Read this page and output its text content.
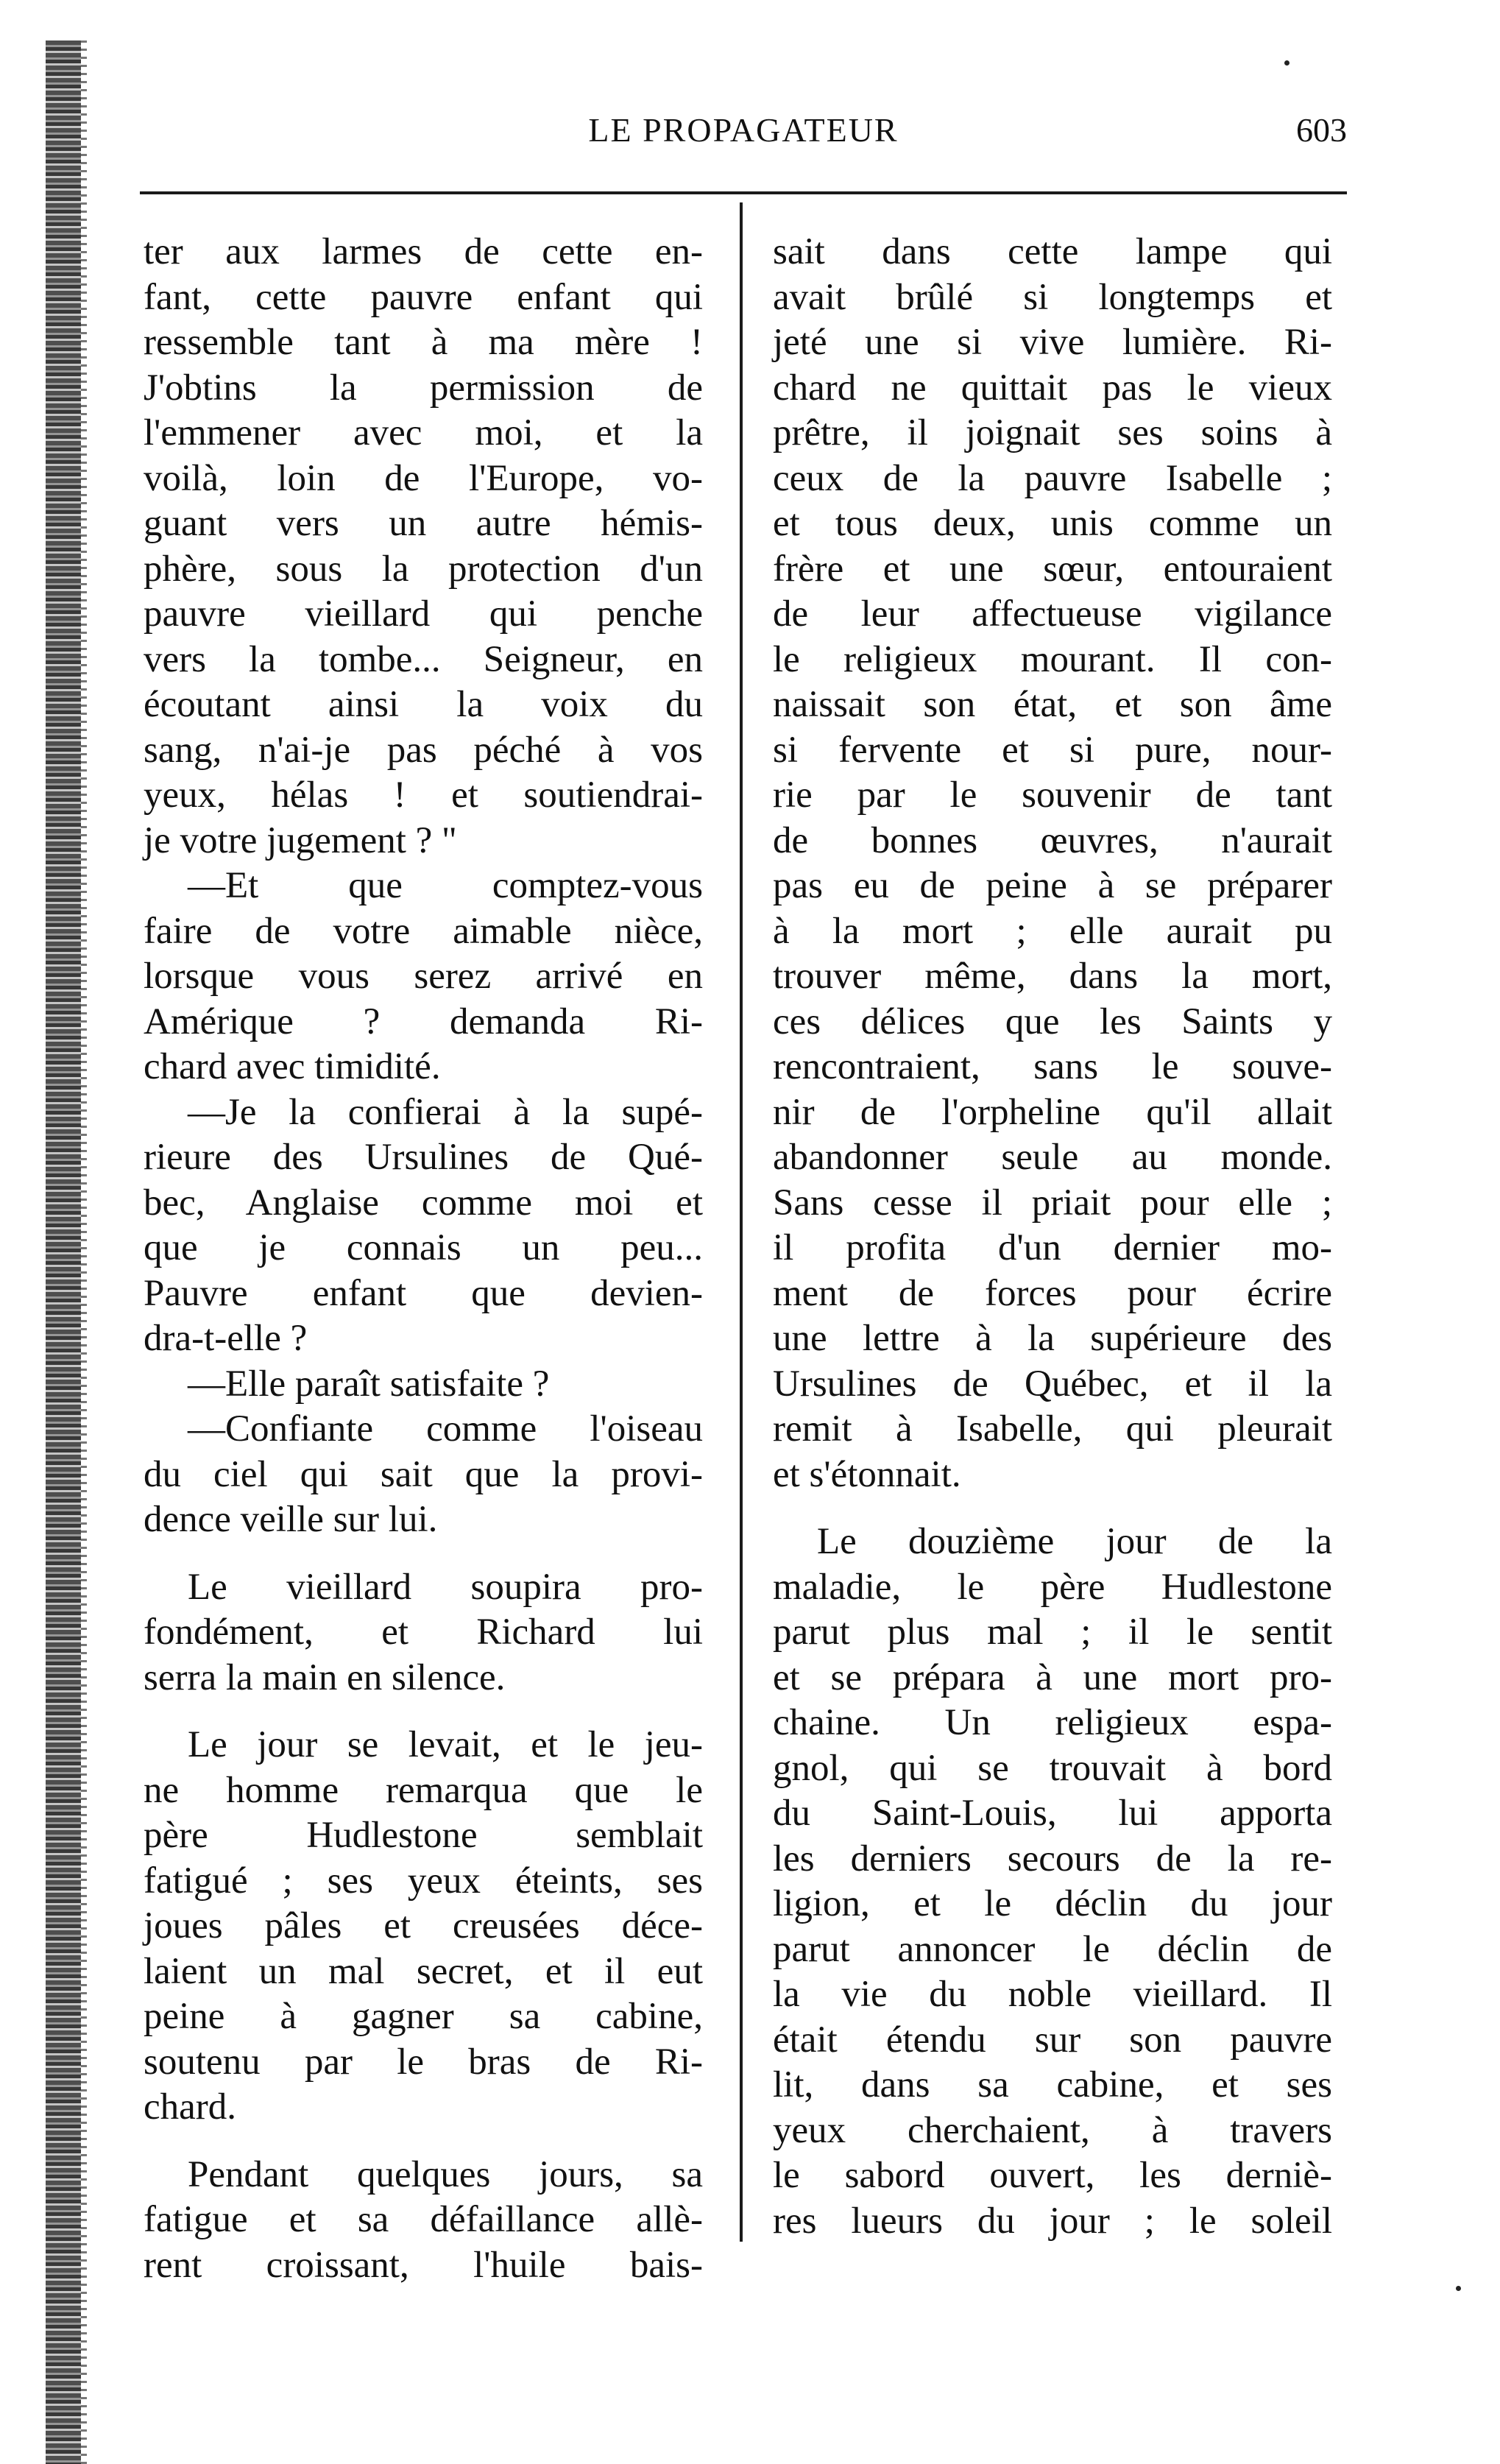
LE PROPAGATEUR	603
ter aux larmes de cette en-
fant, cette pauvre enfant qui
ressemble tant à ma mère !
J'obtins la permission de
l'emmener avec moi, et la
voilà, loin de l'Europe, vo-
guant vers un autre hémis-
phère, sous la protection d'un
pauvre vieillard qui penche
vers la tombe... Seigneur, en
écoutant ainsi la voix du
sang, n'ai-je pas péché à vos
yeux, hélas ! et soutiendrai-
je votre jugement ? "
—Et que comptez-vous
faire de votre aimable nièce,
lorsque vous serez arrivé en
Amérique ? demanda Ri-
chard avec timidité.
—Je la confierai à la supé-
rieure des Ursulines de Qué-
bec, Anglaise comme moi et
que je connais un peu...
Pauvre enfant que devien-
dra-t-elle ?
—Elle paraît satisfaite ?
—Confiante comme l'oiseau
du ciel qui sait que la provi-
dence veille sur lui.
Le vieillard soupira pro-
fondément, et Richard lui
serra la main en silence.
Le jour se levait, et le jeu-
ne homme remarqua que le
père Hudlestone semblait
fatigué ; ses yeux éteints, ses
joues pâles et creusées déce-
laient un mal secret, et il eut
peine à gagner sa cabine,
soutenu par le bras de Ri-
chard.
Pendant quelques jours, sa
fatigue et sa défaillance allè-
rent croissant, l'huile bais-
sait dans cette lampe qui
avait brûlé si longtemps et
jeté une si vive lumière. Ri-
chard ne quittait pas le vieux
prêtre, il joignait ses soins à
ceux de la pauvre Isabelle ;
et tous deux, unis comme un
frère et une sœur, entouraient
de leur affectueuse vigilance
le religieux mourant. Il con-
naissait son état, et son âme
si fervente et si pure, nour-
rie par le souvenir de tant
de bonnes œuvres, n'aurait
pas eu de peine à se préparer
à la mort ; elle aurait pu
trouver même, dans la mort,
ces délices que les Saints y
rencontraient, sans le souve-
nir de l'orpheline qu'il allait
abandonner seule au monde.
Sans cesse il priait pour elle ;
il profita d'un dernier mo-
ment de forces pour écrire
une lettre à la supérieure des
Ursulines de Québec, et il la
remit à Isabelle, qui pleurait
et s'étonnait.
Le douzième jour de la
maladie, le père Hudlestone
parut plus mal ; il le sentit
et se prépara à une mort pro-
chaine. Un religieux espa-
gnol, qui se trouvait à bord
du Saint-Louis, lui apporta
les derniers secours de la re-
ligion, et le déclin du jour
parut annoncer le déclin de
la vie du noble vieillard. Il
était étendu sur son pauvre
lit, dans sa cabine, et ses
yeux cherchaient, à travers
le sabord ouvert, les derniè-
res lueurs du jour ; le soleil
